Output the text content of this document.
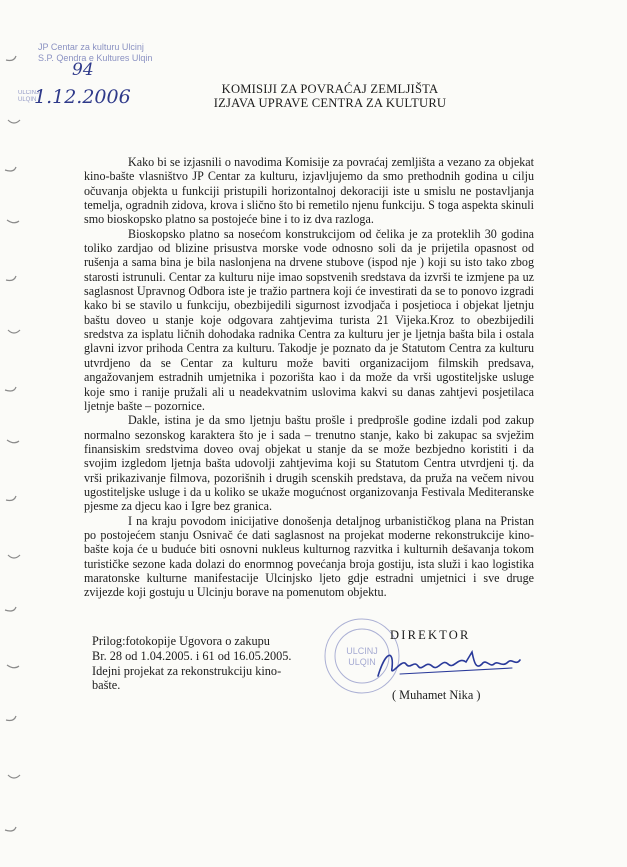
JP Centar za kulturu Ulcinj
S.P. Qendra e Kultures Ulqin
94
1.12.2006
ULCINJ
ULQIN
KOMISIJI ZA POVRAĆAJ ZEMLJIŠTA
IZJAVA UPRAVE CENTRA ZA KULTURU

Kako bi se izjasnili o navodima Komisije za povraćaj zemljišta a vezano za objekat kino-bašte vlasništvo JP Centar za kulturu, izjavljujemo da smo prethodnih godina u cilju očuvanja objekta u funkciji pristupili horizontalnoj dekoraciji iste u smislu ne postavljanja temelja, ogradnih zidova, krova i slično što bi remetilo njenu funkciju. S toga aspekta skinuli smo bioskopsko platno sa postojeće bine i to iz dva razloga.

Bioskopsko platno sa nosećom konstrukcijom od čelika je za proteklih 30 godina toliko zardjao od blizine prisustva morske vode odnosno soli da je prijetila opasnost od rušenja a sama bina je bila naslonjena na drvene stubove (ispod nje ) koji su isto tako zbog starosti istrunuli. Centar za kulturu nije imao sopstvenih sredstava da izvrši te izmjene pa uz saglasnost Upravnog Odbora iste je tražio partnera koji će investirati da se to ponovo izgradi kako bi se stavilo u funkciju, obezbijedili sigurnost izvodjača i posjetioca i objekat ljetnju baštu doveo u stanje koje odgovara zahtjevima turista 21 Vijeka.Kroz to obezbijedili sredstva za isplatu ličnih dohodaka radnika Centra za kulturu jer je ljetnja bašta bila i ostala glavni izvor prihoda Centra za kulturu. Takodje je poznato da je Statutom Centra za kulturu utvrdjeno da se Centar za kulturu može baviti organizacijom filmskih predsava, angažovanjem estradnih umjetnika i pozorišta kao i da može da vrši ugostiteljske usluge koje smo i ranije pružali ali u neadekvatnim uslovima kakvi su danas zahtjevi posjetilaca ljetnje bašte – pozornice.

Dakle, istina je da smo ljetnju baštu prošle i predprošle godine izdali pod zakup normalno sezonskog karaktera što je i sada – trenutno stanje, kako bi zakupac sa svježim finansiskim sredstvima doveo ovaj objekat u stanje da se može bezbjedno koristiti i da svojim izgledom ljetnja bašta udovolji zahtjevima koji su Statutom Centra utvrdjeni tj. da vrši prikazivanje filmova, pozorišnih i drugih scenskih predstava, da pruža na večem nivou ugostiteljske usluge i da u koliko se ukaže mogućnost organizovanja Festivala Mediteranske pjesme za djecu kao i Igre bez granica.

I na kraju povodom inicijative donošenja detaljnog urbanističkog plana na Pristan po postojećem stanju Osnivač će dati saglasnost na projekat moderne rekonstrukcije kino-bašte koja će u buduće biti osnovni nukleus kulturnog razvitka i kulturnih dešavanja tokom turističke sezone kada dolazi do enormnog povećanja broja gostiju, ista služi i kao logistika maratonske kulturne manifestacije Ulcinjsko ljeto gdje estradni umjetnici i sve druge zvijezde koji gostuju u Ulcinju borave na pomenutom objektu.

Prilog:fotokopije Ugovora o zakupu
Br. 28 od 1.04.2005. i 61 od 16.05.2005.
Idejni projekat za rekonstrukciju kino-
bašte.
ULCINJ
ULQIN
DIREKTOR
( Muhamet Nika )
